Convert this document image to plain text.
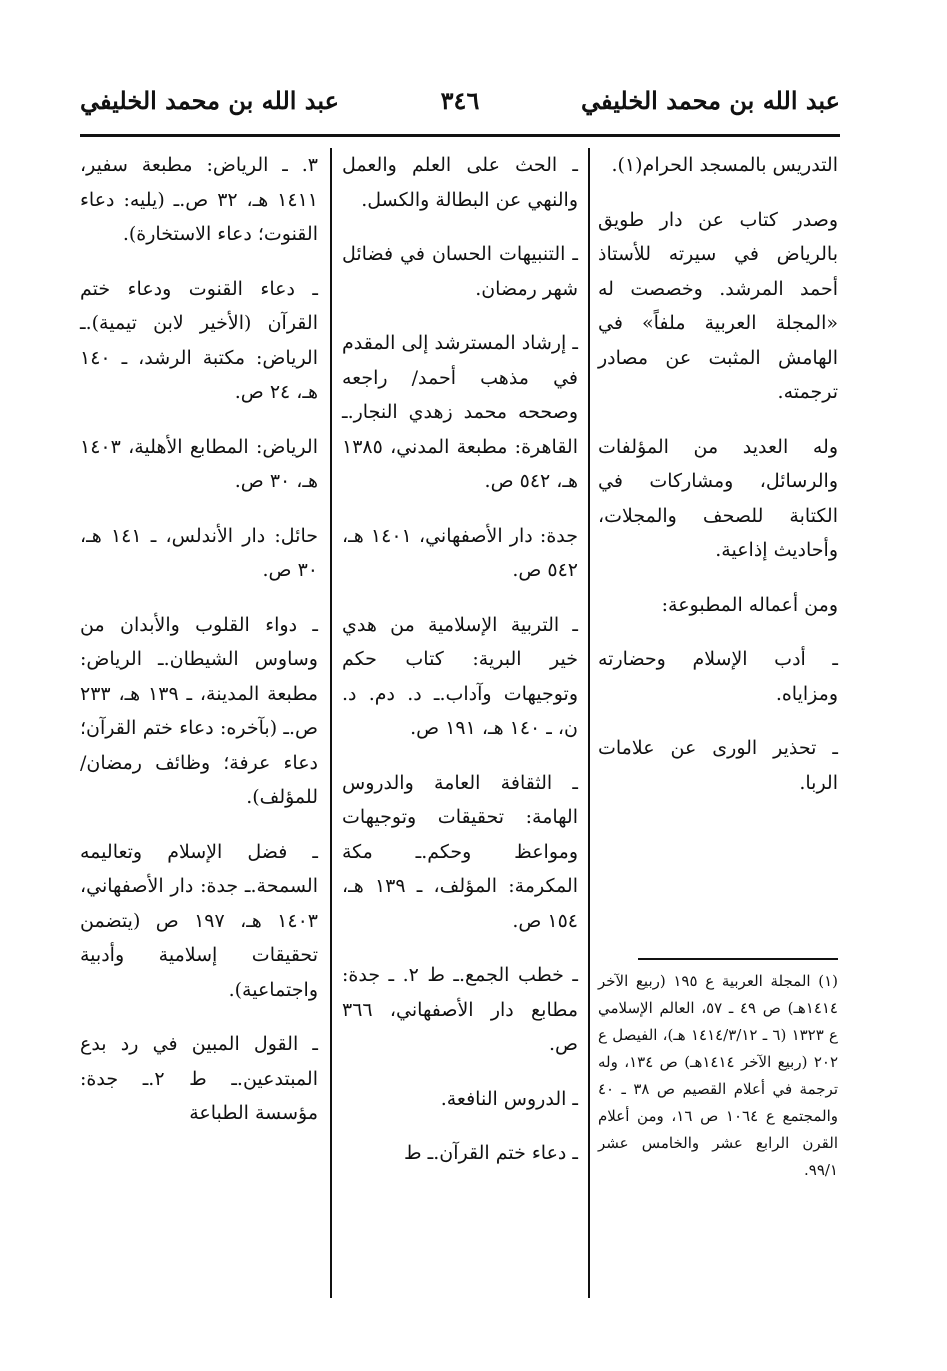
عبد الله بن محمد الخليفي
٣٤٦
عبد الله بن محمد الخليفي

التدريس بالمسجد الحرام(١).

وصدر كتاب عن دار طويق بالرياض في سيرته للأستاذ أحمد المرشد. وخصصت له «المجلة العربية ملفاً» في الهامش المثبت عن مصادر ترجمته.

وله العديد من المؤلفات والرسائل، ومشاركات في الكتابة للصحف والمجلات، وأحاديث إذاعية.

ومن أعماله المطبوعة:

ـ أدب الإسلام وحضارته ومزاياه.

ـ تحذير الورى عن علامات الربا.

ـ الحث على العلم والعمل والنهي عن البطالة والكسل.

ـ التنبيهات الحسان في فضائل شهر رمضان.

ـ إرشاد المسترشد إلى المقدم في مذهب أحمد/ راجعه وصححه محمد زهدي النجار.ـ القاهرة: مطبعة المدني، ١٣٨٥ هـ، ٥٤٢ ص.

جدة: دار الأصفهاني، ١٤٠١ هـ، ٥٤٢ ص.

ـ التربية الإسلامية من هدي خير البرية: كتاب حكم وتوجيهات وآداب.ـ د. دم. د. ن، ـ ١٤٠ هـ، ١٩١ ص.

ـ الثقافة العامة والدروس الهامة: تحقيقات وتوجيهات ومواعظ وحكم.ـ مكة المكرمة: المؤلف، ـ ١٣٩ هـ، ١٥٤ ص.

ـ خطب الجمع.ـ ط ٢. ـ جدة: مطابع دار الأصفهاني، ٣٦٦ ص.

ـ الدروس النافعة.

ـ دعاء ختم القرآن.ـ ط

٣. ـ الرياض: مطبعة سفير، ١٤١١ هـ، ٣٢ ص.ـ (يليه: دعاء القنوت؛ دعاء الاستخارة).

ـ دعاء القنوت ودعاء ختم القرآن (الأخير لابن تيمية).ـ الرياض: مكتبة الرشد، ـ ١٤٠ هـ، ٢٤ ص.

الرياض: المطابع الأهلية، ١٤٠٣ هـ، ٣٠ ص.

حائل: دار الأندلس، ـ ١٤١ هـ، ٣٠ ص.

ـ دواء القلوب والأبدان من وساوس الشيطان.ـ الرياض: مطبعة المدينة، ـ ١٣٩ هـ، ٢٣٣ ص.ـ (بآخره: دعاء ختم القرآن؛ دعاء عرفة؛ وظائف رمضان/ للمؤلف).

ـ فضل الإسلام وتعاليمه السمحة.ـ جدة: دار الأصفهاني، ١٤٠٣ هـ، ١٩٧ ص (يتضمن تحقيقات إسلامية وأدبية واجتماعية).

ـ القول المبين في رد بدع المبتدعين.ـ ط ٢.ـ جدة: مؤسسة الطباعة

(١) المجلة العربية ع ١٩٥ (ربيع الآخر ١٤١٤هـ) ص ٤٩ ـ ٥٧، العالم الإسلامي ع ١٣٢٣ (٦ ـ ١٤١٤/٣/١٢ هـ)، الفيصل ع ٢٠٢ (ربيع الآخر ١٤١٤هـ) ص ١٣٤، وله ترجمة في أعلام القصيم ص ٣٨ ـ ٤٠ والمجتمع ع ١٠٦٤ ص ١٦، ومن أعلام القرن الرابع عشر والخامس عشر ٩٩/١.
